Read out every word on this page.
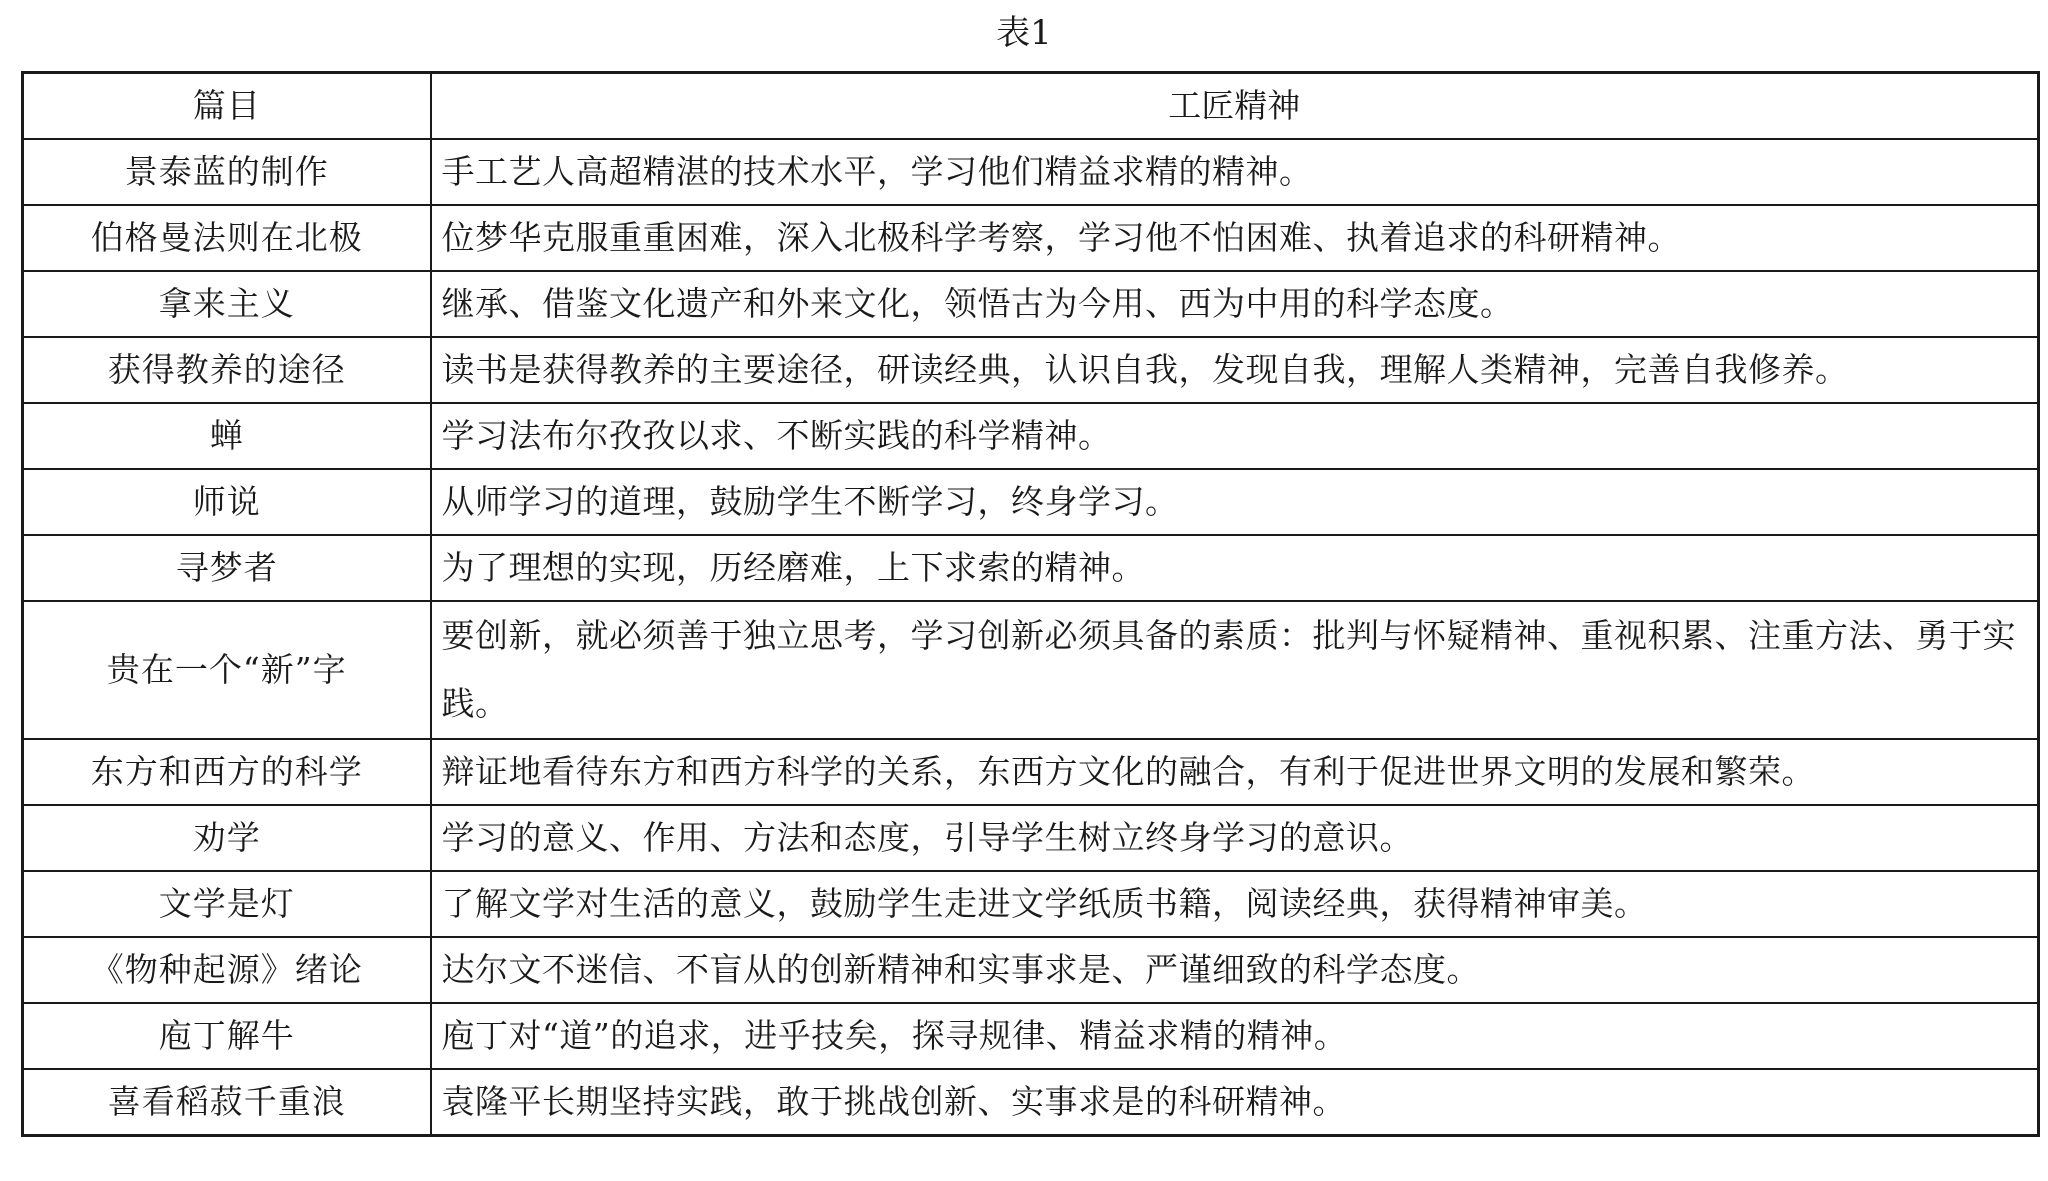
表1
篇目	工匠精神
景泰蓝的制作	手工艺人高超精湛的技术水平，学习他们精益求精的精神。
伯格曼法则在北极	位梦华克服重重困难，深入北极科学考察，学习他不怕困难、执着追求的科研精神。
拿来主义	继承、借鉴文化遗产和外来文化，领悟古为今用、西为中用的科学态度。
获得教养的途径	读书是获得教养的主要途径，研读经典，认识自我，发现自我，理解人类精神，完善自我修养。
蝉	学习法布尔孜孜以求、不断实践的科学精神。
师说	从师学习的道理，鼓励学生不断学习，终身学习。
寻梦者	为了理想的实现，历经磨难，上下求索的精神。
贵在一个“新”字	要创新，就必须善于独立思考，学习创新必须具备的素质：批判与怀疑精神、重视积累、注重方法、勇于实践。
东方和西方的科学	辩证地看待东方和西方科学的关系，东西方文化的融合，有利于促进世界文明的发展和繁荣。
劝学	学习的意义、作用、方法和态度，引导学生树立终身学习的意识。
文学是灯	了解文学对生活的意义，鼓励学生走进文学纸质书籍，阅读经典，获得精神审美。
《物种起源》绪论	达尔文不迷信、不盲从的创新精神和实事求是、严谨细致的科学态度。
庖丁解牛	庖丁对“道”的追求，进乎技矣，探寻规律、精益求精的精神。
喜看稻菽千重浪	袁隆平长期坚持实践，敢于挑战创新、实事求是的科研精神。
